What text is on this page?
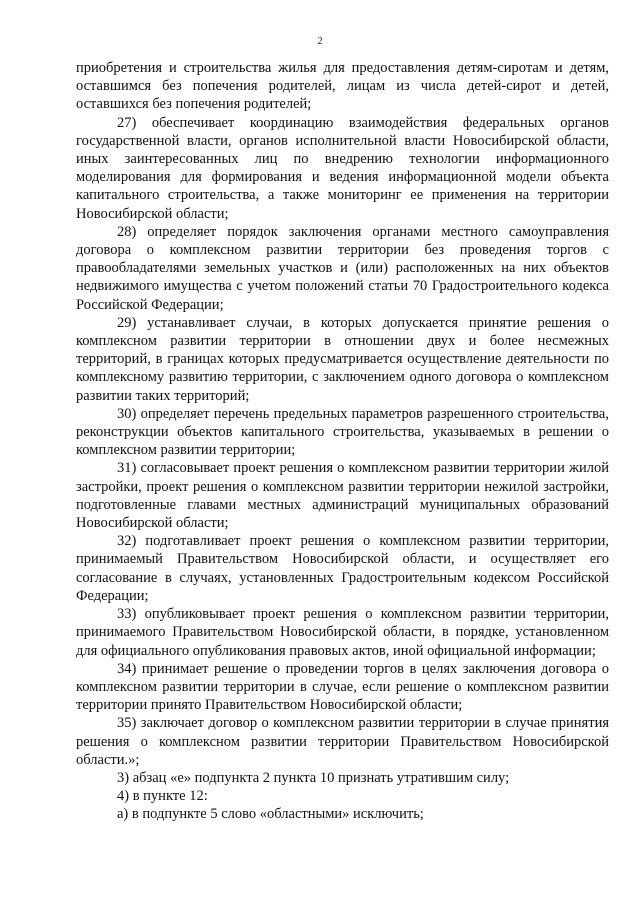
2

приобретения и строительства жилья для предоставления детям-сиротам и детям, оставшимся без попечения родителей, лицам из числа детей-сирот и детей, оставшихся без попечения родителей;

27) обеспечивает координацию взаимодействия федеральных органов государственной власти, органов исполнительной власти Новосибирской области, иных заинтересованных лиц по внедрению технологии информационного моделирования для формирования и ведения информационной модели объекта капитального строительства, а также мониторинг ее применения на территории Новосибирской области;

28) определяет порядок заключения органами местного самоуправления договора о комплексном развитии территории без проведения торгов с правообладателями земельных участков и (или) расположенных на них объектов недвижимого имущества с учетом положений статьи 70 Градостроительного кодекса Российской Федерации;

29) устанавливает случаи, в которых допускается принятие решения о комплексном развитии территории в отношении двух и более несмежных территорий, в границах которых предусматривается осуществление деятельности по комплексному развитию территории, с заключением одного договора о комплексном развитии таких территорий;

30) определяет перечень предельных параметров разрешенного строительства, реконструкции объектов капитального строительства, указываемых в решении о комплексном развитии территории;

31) согласовывает проект решения о комплексном развитии территории жилой застройки, проект решения о комплексном развитии территории нежилой застройки, подготовленные главами местных администраций муниципальных образований Новосибирской области;

32) подготавливает проект решения о комплексном развитии территории, принимаемый Правительством Новосибирской области, и осуществляет его согласование в случаях, установленных Градостроительным кодексом Российской Федерации;

33) опубликовывает проект решения о комплексном развитии территории, принимаемого Правительством Новосибирской области, в порядке, установленном для официального опубликования правовых актов, иной официальной информации;

34) принимает решение о проведении торгов в целях заключения договора о комплексном развитии территории в случае, если решение о комплексном развитии территории принято Правительством Новосибирской области;

35) заключает договор о комплексном развитии территории в случае принятия решения о комплексном развитии территории Правительством Новосибирской области.»;

3) абзац «е» подпункта 2 пункта 10 признать утратившим силу;

4) в пункте 12:

а) в подпункте 5 слово «областными» исключить;
